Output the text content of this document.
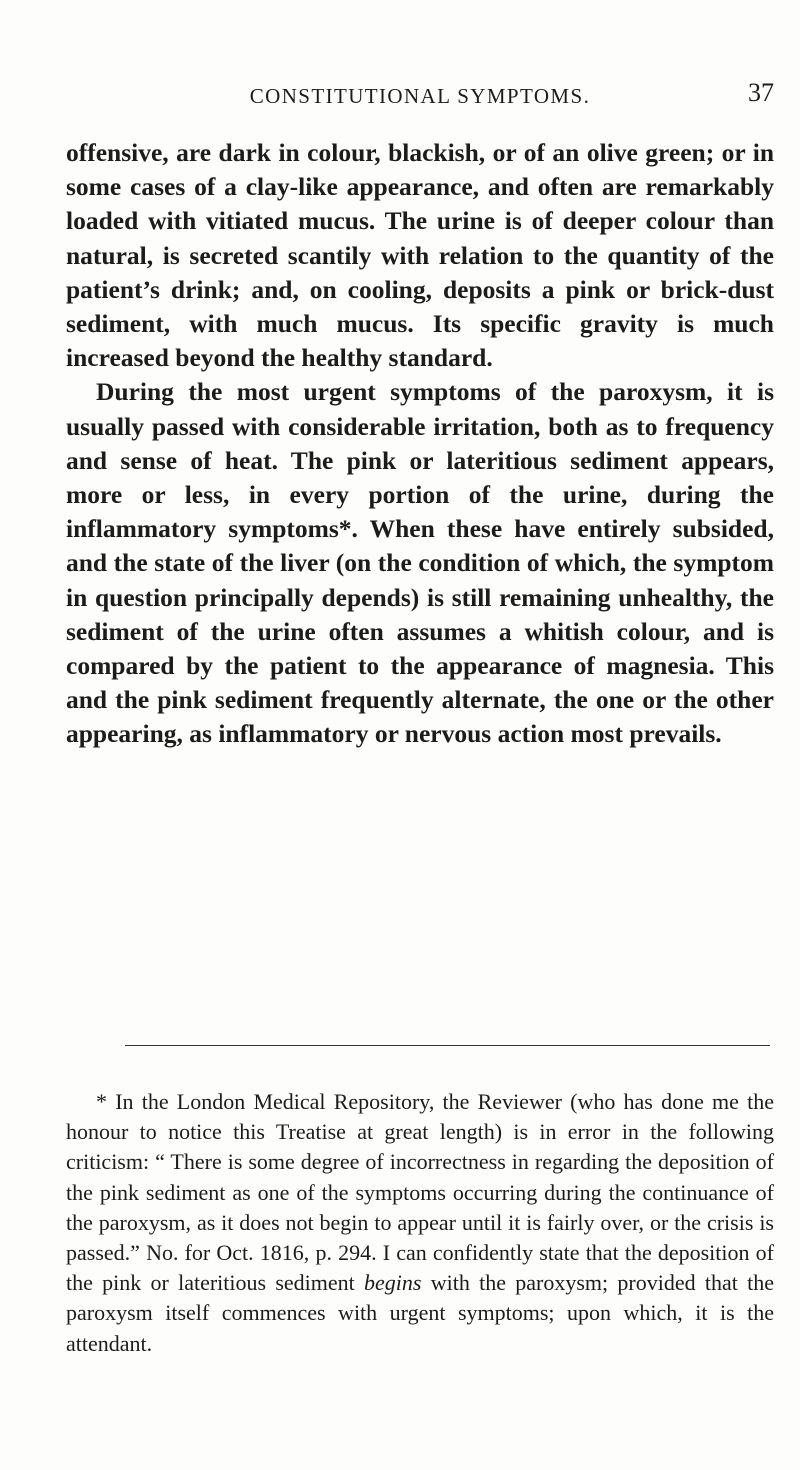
CONSTITUTIONAL SYMPTOMS.	37

offensive, are dark in colour, blackish, or of an olive green; or in some cases of a clay-like appearance, and often are remarkably loaded with vitiated mucus. The urine is of deeper colour than natural, is secreted scantily with relation to the quantity of the patient’s drink; and, on cooling, deposits a pink or brick-dust sediment, with much mucus. Its specific gravity is much increased beyond the healthy standard.

During the most urgent symptoms of the paroxysm, it is usually passed with considerable irritation, both as to frequency and sense of heat. The pink or lateritious sediment appears, more or less, in every portion of the urine, during the inflammatory symptoms*. When these have entirely subsided, and the state of the liver (on the condition of which, the symptom in question principally depends) is still remaining unhealthy, the sediment of the urine often assumes a whitish colour, and is compared by the patient to the appearance of magnesia. This and the pink sediment frequently alternate, the one or the other appearing, as inflammatory or nervous action most prevails.

* In the London Medical Repository, the Reviewer (who has done me the honour to notice this Treatise at great length) is in error in the following criticism: “ There is some degree of incorrectness in regarding the deposition of the pink sediment as one of the symptoms occurring during the continuance of the paroxysm, as it does not begin to appear until it is fairly over, or the crisis is passed.” No. for Oct. 1816, p. 294. I can confidently state that the deposition of the pink or lateritious sediment begins with the paroxysm; provided that the paroxysm itself commences with urgent symptoms; upon which, it is the attendant.
